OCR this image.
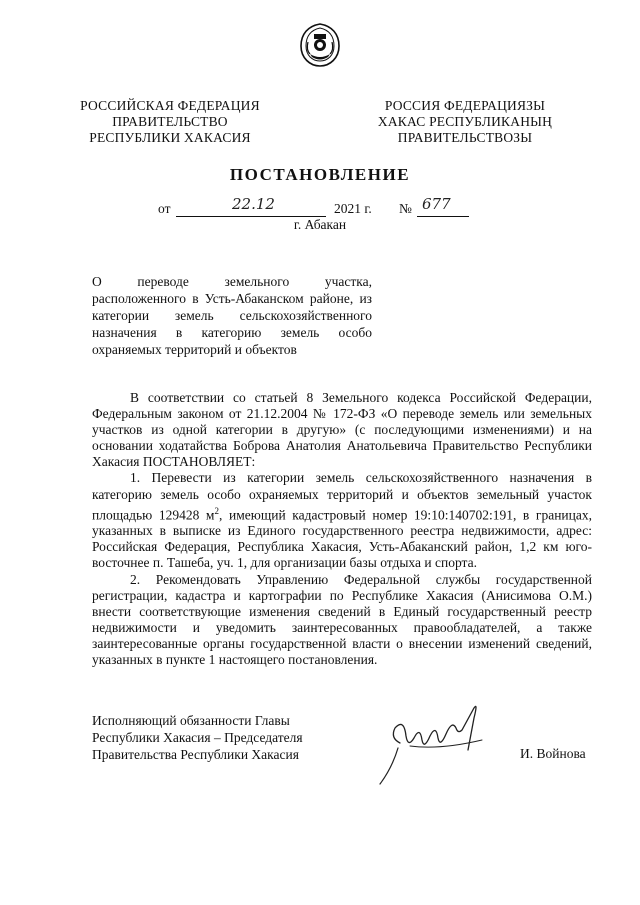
РОССИЙСКАЯ ФЕДЕРАЦИЯ
ПРАВИТЕЛЬСТВО
РЕСПУБЛИКИ ХАКАСИЯ
РОССИЯ ФЕДЕРАЦИЯЗЫ
ХАКАС РЕСПУБЛИКАНЫҢ
ПРАВИТЕЛЬСТВОЗЫ
ПОСТАНОВЛЕНИЕ
от	22.12	2021 г. № 677
г. Абакан
О переводе земельного участка,
расположенного в Усть-Абаканском районе, из
категории земель сельскохозяйственного
назначения в категорию земель особо
охраняемых территорий и объектов

В соответствии со статьей 8 Земельного кодекса Российской Федерации, Федеральным законом от 21.12.2004 № 172-ФЗ «О переводе земель или земельных участков из одной категории в другую» (с последующими изменениями) и на основании ходатайства Боброва Анатолия Анатольевича Правительство Республики Хакасия ПОСТАНОВЛЯЕТ:

1. Перевести из категории земель сельскохозяйственного назначения в категорию земель особо охраняемых территорий и объектов земельный участок площадью 129428 $м^2$, имеющий кадастровый номер 19:10:140702:191, в границах, указанных в выписке из Единого государственного реестра недвижимости, адрес: Российская Федерация, Республика Хакасия, Усть-Абаканский район, 1,2 км юго-восточнее п. Ташеба, уч. 1, для организации базы отдыха и спорта.

2. Рекомендовать Управлению Федеральной службы государственной регистрации, кадастра и картографии по Республике Хакасия (Анисимова О.М.) внести соответствующие изменения сведений в Единый государственный реестр недвижимости и уведомить заинтересованных правообладателей, а также заинтересованные органы государственной власти о внесении изменений сведений, указанных в пункте 1 настоящего постановления.

Исполняющий обязанности Главы
Республики Хакасия – Председателя
Правительства Республики Хакасия	И. Войнова
